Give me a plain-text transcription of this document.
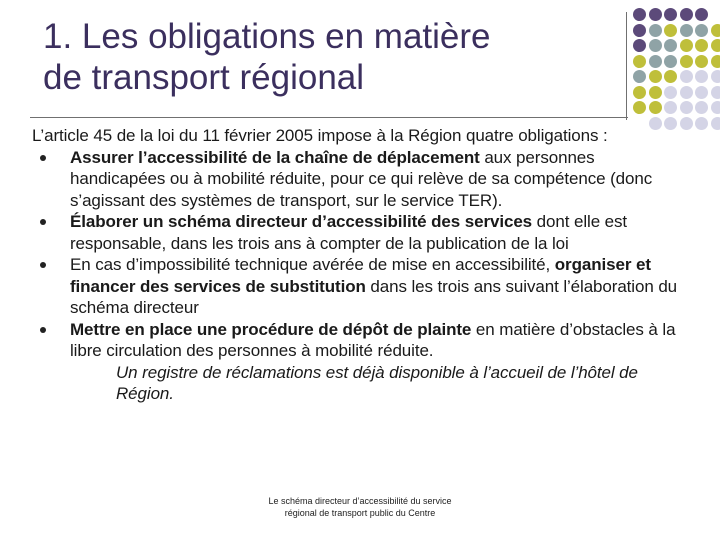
1. Les obligations en matière
de transport régional

L’article 45 de la loi du 11 février 2005 impose à la Région quatre obligations :

Assurer l’accessibilité de la chaîne de déplacement aux personnes handicapées ou à mobilité réduite, pour ce qui relève de sa compétence (donc s’agissant des systèmes de transport, sur le service TER).
Élaborer un schéma directeur d’accessibilité des services dont elle est responsable, dans les trois ans à compter de la publication de la loi
En cas d’impossibilité technique avérée de mise en accessibilité, organiser et financer des services de substitution dans les trois ans suivant l’élaboration du schéma directeur
Mettre en place une procédure de dépôt de plainte en matière d’obstacles à la libre circulation des personnes à mobilité réduite.

Un registre de réclamations est déjà disponible à l’accueil de l’hôtel de Région.

Le schéma directeur d’accessibilité du service
régional de transport public du Centre
